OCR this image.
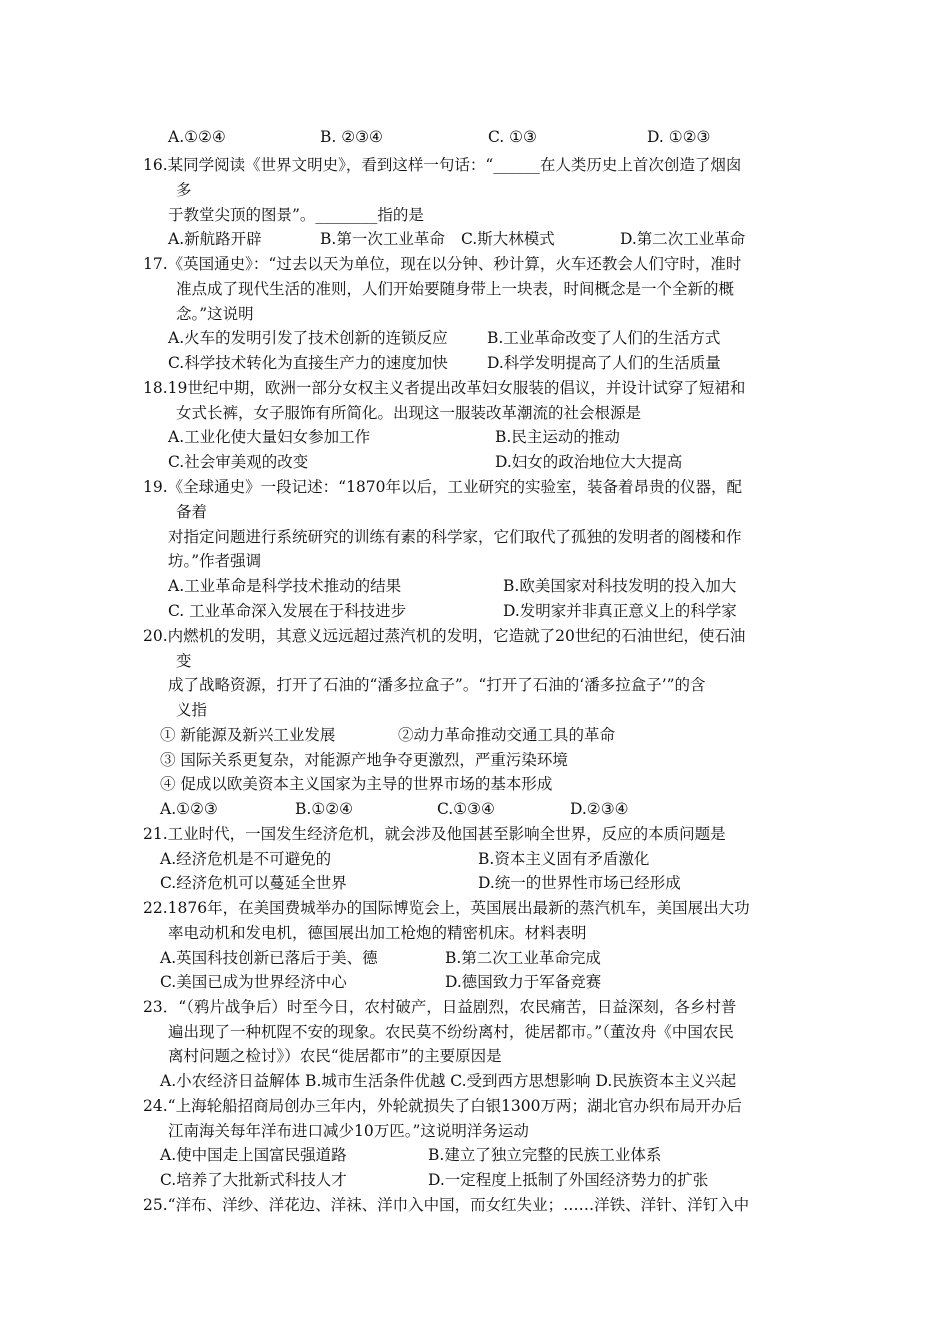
A.①②④	B. ②③④	C. ①③	D. ①②③
16.某同学阅读《世界文明史》，看到这样一句话：“______在人类历史上首次创造了烟囱
多
于教堂尖顶的图景”。________指的是
A.新航路开辟	B.第一次工业革命 C.斯大林模式	D.第二次工业革命
17.《英国通史》：“过去以天为单位，现在以分钟、秒计算，火车还教会人们守时，准时
准点成了现代生活的准则，人们开始要随身带上一块表，时间概念是一个全新的概
念。”这说明
A.火车的发明引发了技术创新的连锁反应	B.工业革命改变了人们的生活方式
C.科学技术转化为直接生产力的速度加快	D.科学发明提高了人们的生活质量
18.19世纪中期，欧洲一部分女权主义者提出改革妇女服装的倡议，并设计试穿了短裙和
女式长裤，女子服饰有所简化。出现这一服装改革潮流的社会根源是
A.工业化使大量妇女参加工作	B.民主运动的推动
C.社会审美观的改变	D.妇女的政治地位大大提高
19.《全球通史》一段记述：“1870年以后，工业研究的实验室，装备着昂贵的仪器，配
备着
对指定问题进行系统研究的训练有素的科学家，它们取代了孤独的发明者的阁楼和作
坊。”作者强调
A.工业革命是科学技术推动的结果	B.欧美国家对科技发明的投入加大
C. 工业革命深入发展在于科技进步	D.发明家并非真正意义上的科学家
20.内燃机的发明，其意义远远超过蒸汽机的发明，它造就了20世纪的石油世纪，使石油
变
成了战略资源，打开了石油的“潘多拉盒子”。“打开了石油的‘潘多拉盒子’”的含
义指
① 新能源及新兴工业发展	②动力革命推动交通工具的革命
③ 国际关系更复杂，对能源产地争夺更激烈，严重污染环境
④ 促成以欧美资本主义国家为主导的世界市场的基本形成
A.①②③	B.①②④	C.①③④	D.②③④
21.工业时代，一国发生经济危机，就会涉及他国甚至影响全世界，反应的本质问题是
A.经济危机是不可避免的	B.资本主义固有矛盾激化
C.经济危机可以蔓延全世界	D.统一的世界性市场已经形成
22.1876年，在美国费城举办的国际博览会上，英国展出最新的蒸汽机车，美国展出大功
率电动机和发电机，德国展出加工枪炮的精密机床。材料表明
A.英国科技创新已落后于美、德	B.第二次工业革命完成
C.美国已成为世界经济中心	D.德国致力于军备竞赛
23．“（鸦片战争后）时至今日，农村破产，日益剧烈，农民痛苦，日益深刻，各乡村普
遍出现了一种杌陧不安的现象。农民莫不纷纷离村，徙居都市。”（董汝舟《中国农民
离村问题之检讨》）农民“徙居都市”的主要原因是
A.小农经济日益解体 B.城市生活条件优越 C.受到西方思想影响 D.民族资本主义兴起
24.“上海轮船招商局创办三年内，外轮就损失了白银1300万两；湖北官办织布局开办后
江南海关每年洋布进口减少10万匹。”这说明洋务运动
A.使中国走上国富民强道路	B.建立了独立完整的民族工业体系
C.培养了大批新式科技人才	D.一定程度上抵制了外国经济势力的扩张
25.“洋布、洋纱、洋花边、洋袜、洋巾入中国，而女红失业；……洋铁、洋针、洋钉入中
